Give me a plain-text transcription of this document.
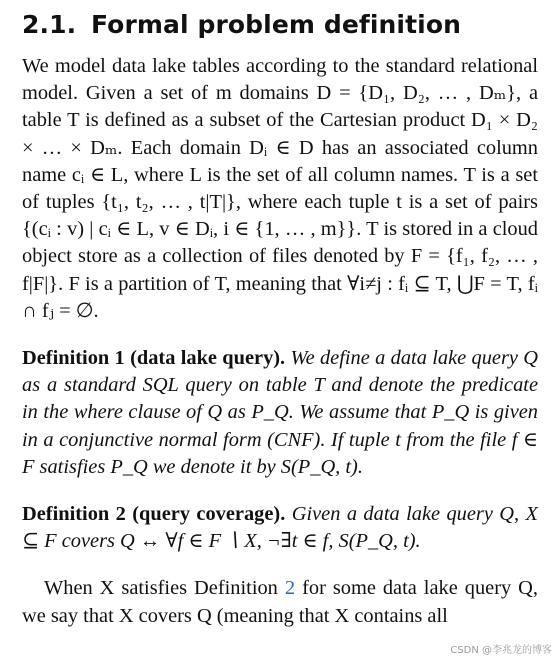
2.1. Formal problem definition

We model data lake tables according to the standard relational model. Given a set of m domains D = {D₁, D₂, … , Dₘ}, a table T is defined as a subset of the Cartesian product D₁ × D₂ × … × Dₘ. Each domain Dᵢ ∈ D has an associated column name cᵢ ∈ L, where L is the set of all column names. T is a set of tuples {t₁, t₂, … , t|T|}, where each tuple t is a set of pairs {(cᵢ : v) | cᵢ ∈ L, v ∈ Dᵢ, i ∈ {1, … , m}}. T is stored in a cloud object store as a collection of files denoted by F = {f₁, f₂, … , f|F|}. F is a partition of T, meaning that ∀i≠j : fᵢ ⊆ T, ⋃F = T, fᵢ ∩ fⱼ = ∅.

Definition 1 (data lake query). We define a data lake query Q as a standard SQL query on table T and denote the predicate in the where clause of Q as P_Q. We assume that P_Q is given in a conjunctive normal form (CNF). If tuple t from the file f ∈ F satisfies P_Q we denote it by S(P_Q, t).

Definition 2 (query coverage). Given a data lake query Q, X ⊆ F covers Q ↔ ∀f ∈ F ∖ X, ¬∃t ∈ f, S(P_Q, t).

When X satisfies Definition 2 for some data lake query Q, we say that X covers Q (meaning that X contains all

CSDN @李兆龙的博客
